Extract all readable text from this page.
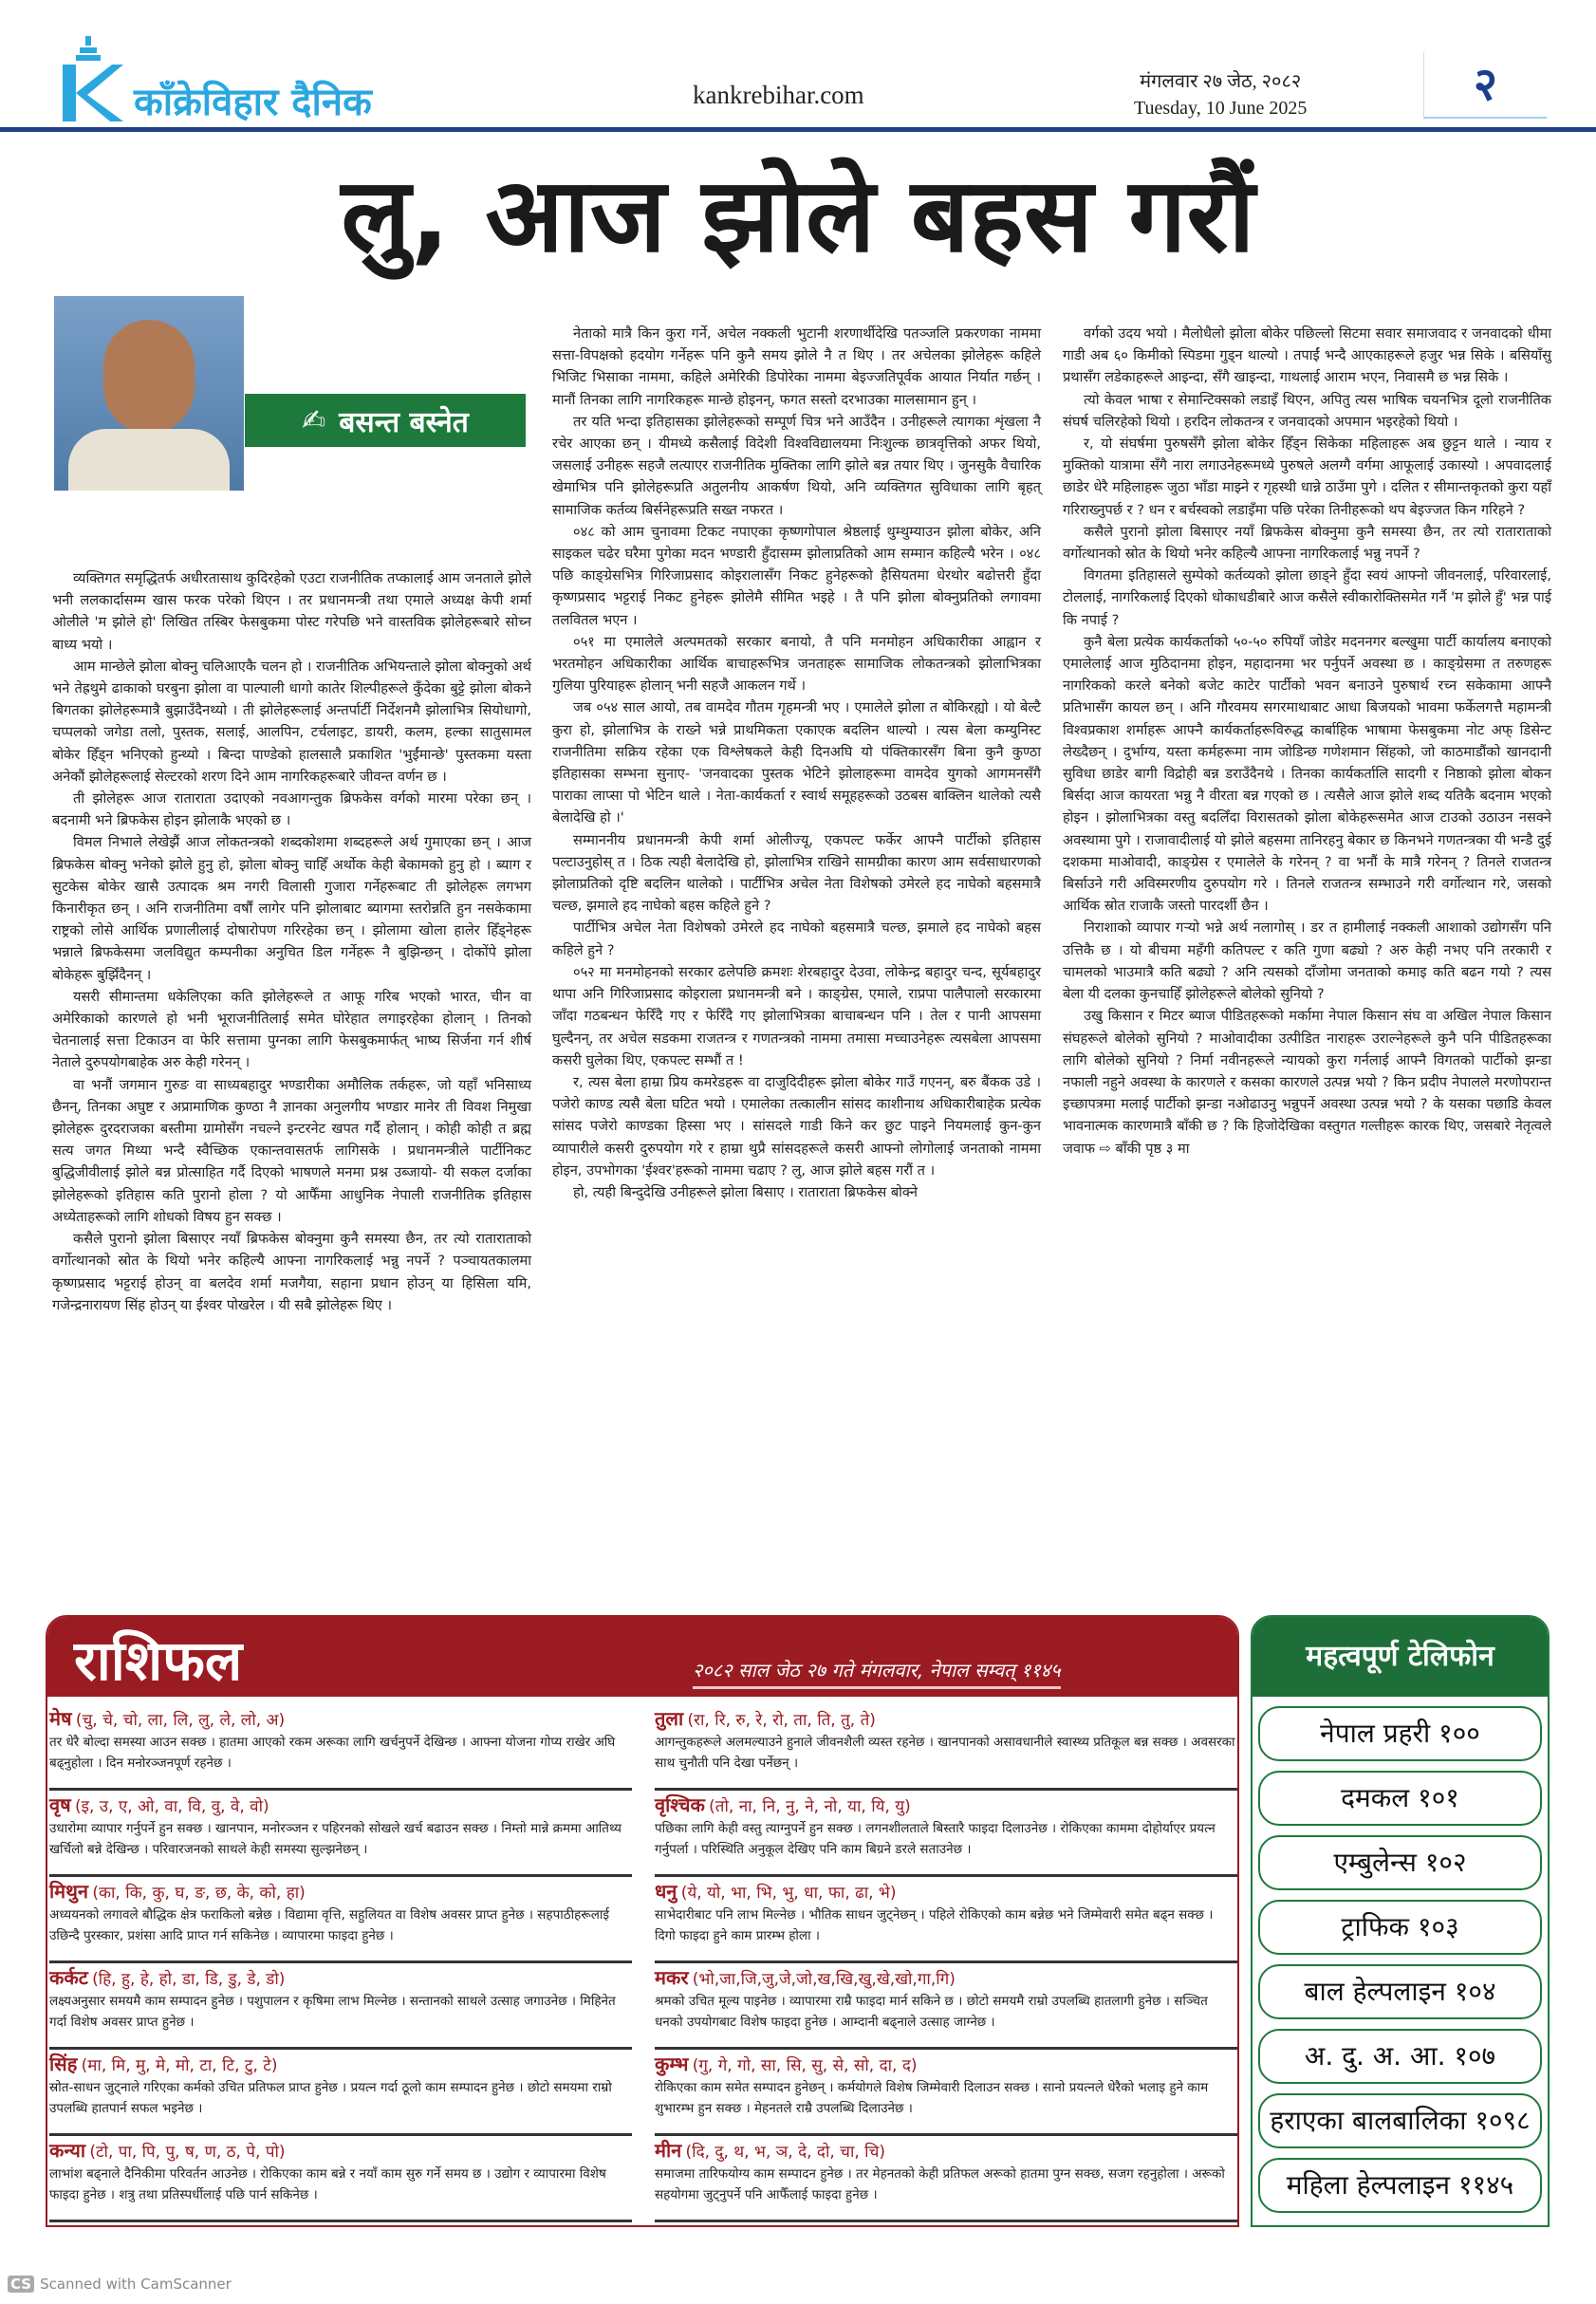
काँक्रेविहार दैनिक	kankrebihar.com	मंगलवार २७ जेठ, २०८२
Tuesday, 10 June 2025	२
लु, आज झोले बहस गरौं
✍ बसन्त बस्नेत

व्यक्तिगत समृद्धितर्फ अधीरतासाथ कुदिरहेको एउटा राजनीतिक तप्कालाई आम जनताले झोले भनी ललकार्दासम्म खास फरक परेको थिएन । तर प्रधानमन्त्री तथा एमाले अध्यक्ष केपी शर्मा ओलीले 'म झोले हो' लिखित तस्बिर फेसबुकमा पोस्ट गरेपछि भने वास्तविक झोलेहरूबारे सोच्न बाध्य भयो ।

आम मान्छेले झोला बोक्नु चलिआएकै चलन हो । राजनीतिक अभियन्ताले झोला बोक्नुको अर्थ भने तेह्रथुमे ढाकाको घरबुना झोला वा पाल्पाली धागो कातेर शिल्पीहरूले कुँदेका बुट्टे झोला बोकने बिगतका झोलेहरूमात्रै बुझाउँदैनथ्यो । ती झोलेहरूलाई अन्तर्पार्टी निर्देशनमै झोलाभित्र सियोधागो, चप्पलको जगेडा तलो, पुस्तक, सलाई, आलपिन, टर्चलाइट, डायरी, कलम, हल्का सातुसामल बोकेर हिँड्न भनिएको हुन्थ्यो । बिन्दा पाण्डेको हालसालै प्रकाशित 'भुईंमान्छे' पुस्तकमा यस्ता अनेकौं झोलेहरूलाई सेल्टरको शरण दिने आम नागरिकहरूबारे जीवन्त वर्णन छ ।

ती झोलेहरू आज राताराता उदाएको नवआगन्तुक ब्रिफकेस वर्गको मारमा परेका छन् । बदनामी भने ब्रिफकेस होइन झोलाकै भएको छ ।

विमल निभाले लेखेझैं आज लोकतन्त्रको शब्दकोशमा शब्दहरूले अर्थ गुमाएका छन् । आज ब्रिफकेस बोक्नु भनेको झोले हुनु हो, झोला बोक्नु चाहिँ अर्थोक केही बेकामको हुनु हो । ब्याग र सुटकेस बोकेर खासै उत्पादक श्रम नगरी विलासी गुजारा गर्नेहरूबाट ती झोलेहरू लगभग किनारीकृत छन् । अनि राजनीतिमा वर्षौं लागेर पनि झोलाबाट ब्यागमा स्तरोन्नति हुन नसकेकामा राष्ट्रको लोसे आर्थिक प्रणालीलाई दोषारोपण गरिरहेका छन् । झोलामा खोला हालेर हिँड्नेहरू भन्नाले ब्रिफकेसमा जलविद्युत कम्पनीका अनुचित डिल गर्नेहरू नै बुझिन्छन् । दोकोंपे झोला बोकेहरू बुझिँदैनन् ।

यसरी सीमान्तमा धकेलिएका कति झोलेहरूले त आफू गरिब भएको भारत, चीन वा अमेरिकाको कारणले हो भनी भूराजनीतिलाई समेत घोरेहात लगाइरहेका होलान् । तिनको चेतनालाई सत्ता टिकाउन वा फेरि सत्तामा पुग्नका लागि फेसबुकमार्फत् भाष्य सिर्जना गर्न शीर्ष नेताले दुरुपयोगबाहेक अरु केही गरेनन् ।

वा भनौं जगमान गुरुङ वा साध्यबहादुर भण्डारीका अमौलिक तर्कहरू, जो यहाँ भनिसाध्य छैनन्, तिनका अघुष्ट र अप्रामाणिक कुण्ठा नै ज्ञानका अनुलगीय भण्डार मानेर ती विवश निमुखा झोलेहरू दुरदराजका बस्तीमा ग्रामोसँग नचल्ने इन्टरनेट खपत गर्दै होलान् । कोही कोही त ब्रह्म सत्य जगत मिथ्या भन्दै स्वैच्छिक एकान्तवासतर्फ लागिसके । प्रधानमन्त्रीले पार्टीनिकट बुद्धिजीवीलाई झोले बन्न प्रोत्साहित गर्दै दिएको भाषणले मनमा प्रश्न उब्जायो- यी सकल दर्जाका झोलेहरूको इतिहास कति पुरानो होला ? यो आफैँमा आधुनिक नेपाली राजनीतिक इतिहास अध्येताहरूको लागि शोधको विषय हुन सक्छ ।

कसैले पुरानो झोला बिसाएर नयाँ ब्रिफकेस बोक्नुमा कुनै समस्या छैन, तर त्यो राताराताको वर्गोत्थानको स्रोत के थियो भनेर कहिल्यै आफ्ना नागरिकलाई भन्नु नपर्ने ? पञ्चायतकालमा कृष्णप्रसाद भट्टराई होउन् वा बलदेव शर्मा मजगैया, सहाना प्रधान होउन् या हिसिला यमि, गजेन्द्रनारायण सिंह होउन् या ईश्वर पोखरेल । यी सबै झोलेहरू थिए ।

नेताको मात्रै किन कुरा गर्ने, अचेल नक्कली भुटानी शरणार्थीदेखि पतञ्जलि प्रकरणका नाममा सत्ता-विपक्षको हदयोग गर्नेहरू पनि कुनै समय झोले नै त थिए । तर अचेलका झोलेहरू कहिले भिजिट भिसाका नाममा, कहिले अमेरिकी डिपोरेका नाममा बेइज्जतिपूर्वक आयात निर्यात गर्छन् । मानौं तिनका लागि नागरिकहरू मान्छे होइनन्, फगत सस्तो दरभाउका मालसामान हुन् ।

तर यति भन्दा इतिहासका झोलेहरूको सम्पूर्ण चित्र भने आउँदैन । उनीहरूले त्यागका शृंखला नै रचेर आएका छन् । यीमध्ये कसैलाई विदेशी विश्वविद्यालयमा निःशुल्क छात्रवृत्तिको अफर थियो, जसलाई उनीहरू सहजै लत्याएर राजनीतिक मुक्तिका लागि झोले बन्न तयार थिए । जुनसुकै वैचारिक खेमाभित्र पनि झोलेहरूप्रति अतुलनीय आकर्षण थियो, अनि व्यक्तिगत सुविधाका लागि बृहत् सामाजिक कर्तव्य बिर्सनेहरूप्रति सख्त नफरत ।

०४८ को आम चुनावमा टिकट नपाएका कृष्णगोपाल श्रेष्ठलाई थुम्थुम्याउन झोला बोकेर, अनि साइकल चढेर घरैमा पुगेका मदन भण्डारी हुँदासम्म झोलाप्रतिको आम सम्मान कहिल्यै भरेन । ०४८ पछि काङ्ग्रेसभित्र गिरिजाप्रसाद कोइरालासँग निकट हुनेहरूको हैसियतमा धेरथोर बढोत्तरी हुँदा कृष्णप्रसाद भट्टराई निकट हुनेहरू झोलेमै सीमित भइहे । तै पनि झोला बोक्नुप्रतिको लगावमा तलवितल भएन ।

०५१ मा एमालेले अल्पमतको सरकार बनायो, तै पनि मनमोहन अधिकारीका आह्वान र भरतमोहन अधिकारीका आर्थिक बाचाहरूभित्र जनताहरू सामाजिक लोकतन्त्रको झोलाभित्रका गुलिया पुरियाहरू होलान् भनी सहजै आकलन गर्थे ।

जब ०५४ साल आयो, तब वामदेव गौतम गृहमन्त्री भए । एमालेले झोला त बोकिरह्यो । यो बेल्टै कुरा हो, झोलाभित्र के राख्ने भन्ने प्राथमिकता एकाएक बदलिन थाल्यो । त्यस बेला कम्युनिस्ट राजनीतिमा सक्रिय रहेका एक विश्लेषकले केही दिनअघि यो पंक्तिकारसँग बिना कुनै कुण्ठा इतिहासका सम्भना सुनाए- 'जनवादका पुस्तक भेटिने झोलाहरूमा वामदेव युगको आगमनसँगै पाराका लाप्सा पो भेटिन थाले । नेता-कार्यकर्ता र स्वार्थ समूहहरूको उठबस बाक्लिन थालेको त्यसै बेलादेखि हो ।'

सम्माननीय प्रधानमन्त्री केपी शर्मा ओलीज्यू, एकपल्ट फर्केर आफ्नै पार्टीको इतिहास पल्टाउनुहोस् त । ठिक त्यही बेलादेखि हो, झोलाभित्र राखिने सामग्रीका कारण आम सर्वसाधारणको झोलाप्रतिको दृष्टि बदलिन थालेको । पार्टीभित्र अचेल नेता विशेषको उमेरले हद नाघेको बहसमात्रै चल्छ, झमाले हद नाघेको बहस कहिले हुने ?

पार्टीभित्र अचेल नेता विशेषको उमेरले हद नाघेको बहसमात्रै चल्छ, झमाले हद नाघेको बहस कहिले हुने ?

०५२ मा मनमोहनको सरकार ढलेपछि क्रमशः शेरबहादुर देउवा, लोकेन्द्र बहादुर चन्द, सूर्यबहादुर थापा अनि गिरिजाप्रसाद कोइराला प्रधानमन्त्री बने । काङ्ग्रेस, एमाले, राप्रपा पालैपालो सरकारमा जाँदा गठबन्धन फेरिँदै गए र फेरिँदै गए झोलाभित्रका बाचाबन्धन पनि । तेल र पानी आपसमा घुल्दैनन्, तर अचेल सडकमा राजतन्त्र र गणतन्त्रको नाममा तमासा मच्चाउनेहरू त्यसबेला आपसमा कसरी घुलेका थिए, एकपल्ट सम्भौं त !

र, त्यस बेला हाम्रा प्रिय कमरेडहरू वा दाजुदिदीहरू झोला बोकेर गाउँ गएनन्, बरु बैंकक उडे । पजेरो काण्ड त्यसै बेला घटित भयो । एमालेका तत्कालीन सांसद काशीनाथ अधिकारीबाहेक प्रत्येक सांसद पजेरो काण्डका हिस्सा भए । सांसदले गाडी किने कर छुट पाइने नियमलाई कुन-कुन व्यापारीले कसरी दुरुपयोग गरे र हाम्रा थुप्रै सांसदहरूले कसरी आफ्नो लोगोलाई जनताको नाममा होइन, उपभोगका 'ईश्वर'हरूको नाममा चढाए ? लु, आज झोले बहस गरौं त ।

हो, त्यही बिन्दुदेखि उनीहरूले झोला बिसाए । राताराता ब्रिफकेस बोक्ने

वर्गको उदय भयो । मैलोधैलो झोला बोकेर पछिल्लो सिटमा सवार समाजवाद र जनवादको धीमा गाडी अब ६० किमीको स्पिडमा गुड्न थाल्यो । तपाईं भन्दै आएकाहरूले हजुर भन्न सिके । बसियाँसु प्रथासँग लडेकाहरूले आइन्दा, सँगै खाइन्दा, गाथलाई आराम भएन, निवासमै छ भन्न सिके ।

त्यो केवल भाषा र सेमान्टिक्सको लडाइँ थिएन, अपितु त्यस भाषिक चयनभित्र दूलो राजनीतिक संघर्ष चलिरहेको थियो । हरदिन लोकतन्त्र र जनवादको अपमान भइरहेको थियो ।

र, यो संघर्षमा पुरुषसँगै झोला बोकेर हिँड्न सिकेका महिलाहरू अब छुट्टन थाले । न्याय र मुक्तिको यात्रामा सँगै नारा लगाउनेहरूमध्ये पुरुषले अलग्गै वर्गमा आफूलाई उकास्यो । अपवादलाई छाडेर धेरै महिलाहरू जुठा भाँडा माझ्ने र गृहस्थी धान्ने ठाउँमा पुगे । दलित र सीमान्तकृतको कुरा यहाँ गरिराख्नुपर्छ र ? धन र बर्चस्वको लडाइँमा पछि परेका तिनीहरूको थप बेइज्जत किन गरिहने ?

कसैले पुरानो झोला बिसाएर नयाँ ब्रिफकेस बोक्नुमा कुनै समस्या छैन, तर त्यो राताराताको वर्गोत्थानको स्रोत के थियो भनेर कहिल्यै आफ्ना नागरिकलाई भन्नु नपर्ने ?

विगतमा इतिहासले सुम्पेको कर्तव्यको झोला छाड्ने हुँदा स्वयं आफ्नो जीवनलाई, परिवारलाई, टोललाई, नागरिकलाई दिएको धोकाधडीबारे आज कसैले स्वीकारोक्तिसमेत गर्नै 'म झोले हुँ' भन्न पाई कि नपाई ?

कुनै बेला प्रत्येक कार्यकर्ताको ५०-५० रुपियाँ जोडेर मदननगर बल्खुमा पार्टी कार्यालय बनाएको एमालेलाई आज मुठिदानमा होइन, महादानमा भर पर्नुपर्ने अवस्था छ । काङ्ग्रेसमा त तरुणहरू नागरिकको करले बनेको बजेट काटेर पार्टीको भवन बनाउने पुरुषार्थ रच्न सकेकामा आफ्नै प्रतिभासँग कायल छन् । अनि गौरवमय सगरमाथाबाट आधा बिजयको भावमा फर्केलगत्तै महामन्त्री विश्वप्रकाश शर्माहरू आफ्नै कार्यकर्ताहरूविरुद्ध कार्बाहिक भाषामा फेसबुकमा नोट अफ् डिसेन्ट लेख्दैछन् । दुर्भाग्य, यस्ता कर्महरूमा नाम जोडिन्छ गणेशमान सिंहको, जो काठमाडौंको खानदानी सुविधा छाडेर बागी विद्रोही बन्न डराउँदैनथे । तिनका कार्यकर्तालि सादगी र निष्ठाको झोला बोकन बिर्सदा आज कायरता भन्नु नै वीरता बन्न गएको छ । त्यसैले आज झोले शब्द यतिकै बदनाम भएको होइन । झोलाभित्रका वस्तु बदलिँदा विरासतको झोला बोकेहरूसमेत आज टाउको उठाउन नसक्ने अवस्थामा पुगे । राजावादीलाई यो झोले बहसमा तानिरहनु बेकार छ किनभने गणतन्त्रका यी भन्डै दुई दशकमा माओवादी, काङ्ग्रेस र एमालेले के गरेनन् ? वा भनौं के मात्रै गरेनन् ? तिनले राजतन्त्र बिर्साउने गरी अविस्मरणीय दुरुपयोग गरे । तिनले राजतन्त्र सम्भाउने गरी वर्गोत्थान गरे, जसको आर्थिक स्रोत राजाकै जस्तो पारदर्शी छैन ।

निराशाको व्यापार गर्‍यो भन्ने अर्थ नलागोस् । डर त हामीलाई नक्कली आशाको उद्योगसँग पनि उत्तिकै छ । यो बीचमा महँगी कतिपल्ट र कति गुणा बढ्यो ? अरु केही नभए पनि तरकारी र चामलको भाउमात्रै कति बढ्यो ? अनि त्यसको दाँजोमा जनताको कमाइ कति बढन गयो ? त्यस बेला यी दलका कुनचाहिँ झोलेहरूले बोलेको सुनियो ?

उखु किसान र मिटर ब्याज पीडितहरूको मर्कामा नेपाल किसान संघ वा अखिल नेपाल किसान संघहरूले बोलेको सुनियो ? माओवादीका उत्पीडित नाराहरू उराल्नेहरूले कुनै पनि पीडितहरूका लागि बोलेको सुनियो ? निर्मा नवीनहरूले न्यायको कुरा गर्नलाई आफ्नै विगतको पार्टीको झन्डा नफाली नहुने अवस्था के कारणले र कसका कारणले उत्पन्न भयो ? किन प्रदीप नेपालले मरणोपरान्त इच्छापत्रमा मलाई पार्टीको झन्डा नओढाउनु भन्नुपर्ने अवस्था उत्पन्न भयो ? के यसका पछाडि केवल भावनात्मक कारणमात्रै बाँकी छ ? कि हिजोदेखिका वस्तुगत गल्तीहरू कारक थिए, जसबारे नेतृत्वले जवाफ ⇨ बाँकी पृष्ठ ३ मा

राशिफल	२०८२ साल जेठ २७ गते मंगलवार, नेपाल सम्वत् ११४५
मेष (चु, चे, चो, ला, लि, लु, ले, लो, अ)
तर धेरै बोल्दा समस्या आउन सक्छ । हातमा आएको रकम अरूका लागि खर्चनुपर्ने देखिन्छ । आफ्ना योजना गोप्य राखेर अघि बढ्नुहोला । दिन मनोरञ्जनपूर्ण रहनेछ ।
तुला (रा, रि, रु, रे, रो, ता, ति, तु, ते)
आगन्तुकहरूले अलमल्याउने हुनाले जीवनशैली व्यस्त रहनेछ । खानपानको असावधानीले स्वास्थ्य प्रतिकूल बन्न सक्छ । अवसरका साथ चुनौती पनि देखा पर्नेछन् ।
वृष (इ, उ, ए, ओ, वा, वि, वु, वे, वो)
उधारोमा व्यापार गर्नुपर्ने हुन सक्छ । खानपान, मनोरञ्जन र पहिरनको सोखले खर्च बढाउन सक्छ । निम्तो मान्ने क्रममा आतिथ्य खर्चिलो बन्ने देखिन्छ । परिवारजनको साथले केही समस्या सुल्झनेछन् ।
वृश्चिक (तो, ना, नि, नु, ने, नो, या, यि, यु)
पछिका लागि केही वस्तु त्याग्नुपर्ने हुन सक्छ । लगनशीलताले बिस्तारै फाइदा दिलाउनेछ । रोकिएका काममा दोहोर्याएर प्रयत्न गर्नुपर्ला । परिस्थिति अनुकूल देखिए पनि काम बिग्रने डरले सताउनेछ ।
मिथुन (का, कि, कु, घ, ङ, छ, के, को, हा)
अध्ययनको लगावले बौद्धिक क्षेत्र फराकिलो बन्नेछ । विद्यामा वृत्ति, सहुलियत वा विशेष अवसर प्राप्त हुनेछ । सहपाठीहरूलाई उछिन्दै पुरस्कार, प्रशंसा आदि प्राप्त गर्न सकिनेछ । व्यापारमा फाइदा हुनेछ ।
धनु (ये, यो, भा, भि, भु, धा, फा, ढा, भे)
साभेदारीबाट पनि लाभ मिल्नेछ । भौतिक साधन जुट्नेछन् । पहिले रोकिएको काम बन्नेछ भने जिम्मेवारी समेत बढ्न सक्छ । दिगो फाइदा हुने काम प्रारम्भ होला ।
कर्कट (हि, हु, हे, हो, डा, डि, डु, डे, डो)
लक्ष्यअनुसार समयमै काम सम्पादन हुनेछ । पशुपालन र कृषिमा लाभ मिल्नेछ । सन्तानको साथले उत्साह जगाउनेछ । मिहिनेत गर्दा विशेष अवसर प्राप्त हुनेछ ।
मकर (भो,जा,जि,जु,जे,जो,ख,खि,खु,खे,खो,गा,गि)
श्रमको उचित मूल्य पाइनेछ । व्यापारमा राम्रै फाइदा मार्न सकिने छ । छोटो समयमै राम्रो उपलब्धि हातलागी हुनेछ । सञ्चित धनको उपयोगबाट विशेष फाइदा हुनेछ । आम्दानी बढ्नाले उत्साह जाग्नेछ ।
सिंह (मा, मि, मु, मे, मो, टा, टि, टु, टे)
स्रोत-साधन जुट्नाले गरिएका कर्मको उचित प्रतिफल प्राप्त हुनेछ । प्रयत्न गर्दा ठूलो काम सम्पादन हुनेछ । छोटो समयमा राम्रो उपलब्धि हातपार्न सफल भइनेछ ।
कुम्भ (गु, गे, गो, सा, सि, सु, से, सो, दा, द)
रोकिएका काम समेत सम्पादन हुनेछन् । कर्मयोगले विशेष जिम्मेवारी दिलाउन सक्छ । सानो प्रयत्नले धेरैको भलाइ हुने काम शुभारम्भ हुन सक्छ । मेहनतले राम्रै उपलब्धि दिलाउनेछ ।
कन्या (टो, पा, पि, पु, ष, ण, ठ, पे, पो)
लाभांश बढ्नाले दैनिकीमा परिवर्तन आउनेछ । रोकिएका काम बन्ने र नयाँ काम सुरु गर्ने समय छ । उद्योग र व्यापारमा विशेष फाइदा हुनेछ । शत्रु तथा प्रतिस्पर्धीलाई पछि पार्न सकिनेछ ।
मीन (दि, दु, थ, भ, ञ, दे, दो, चा, चि)
समाजमा तारिफयोग्य काम सम्पादन हुनेछ । तर मेहनतको केही प्रतिफल अरूको हातमा पुग्न सक्छ, सजग रहनुहोला । अरूको सहयोगमा जुट्नुपर्ने पनि आफैँलाई फाइदा हुनेछ ।
महत्वपूर्ण टेलिफोन
नेपाल प्रहरी १००
दमकल १०१
एम्बुलेन्स १०२
ट्राफिक १०३
बाल हेल्पलाइन १०४
अ. दु. अ. आ. १०७
हराएका बालबालिका १०९८
महिला हेल्पलाइन ११४५
CS Scanned with CamScanner
